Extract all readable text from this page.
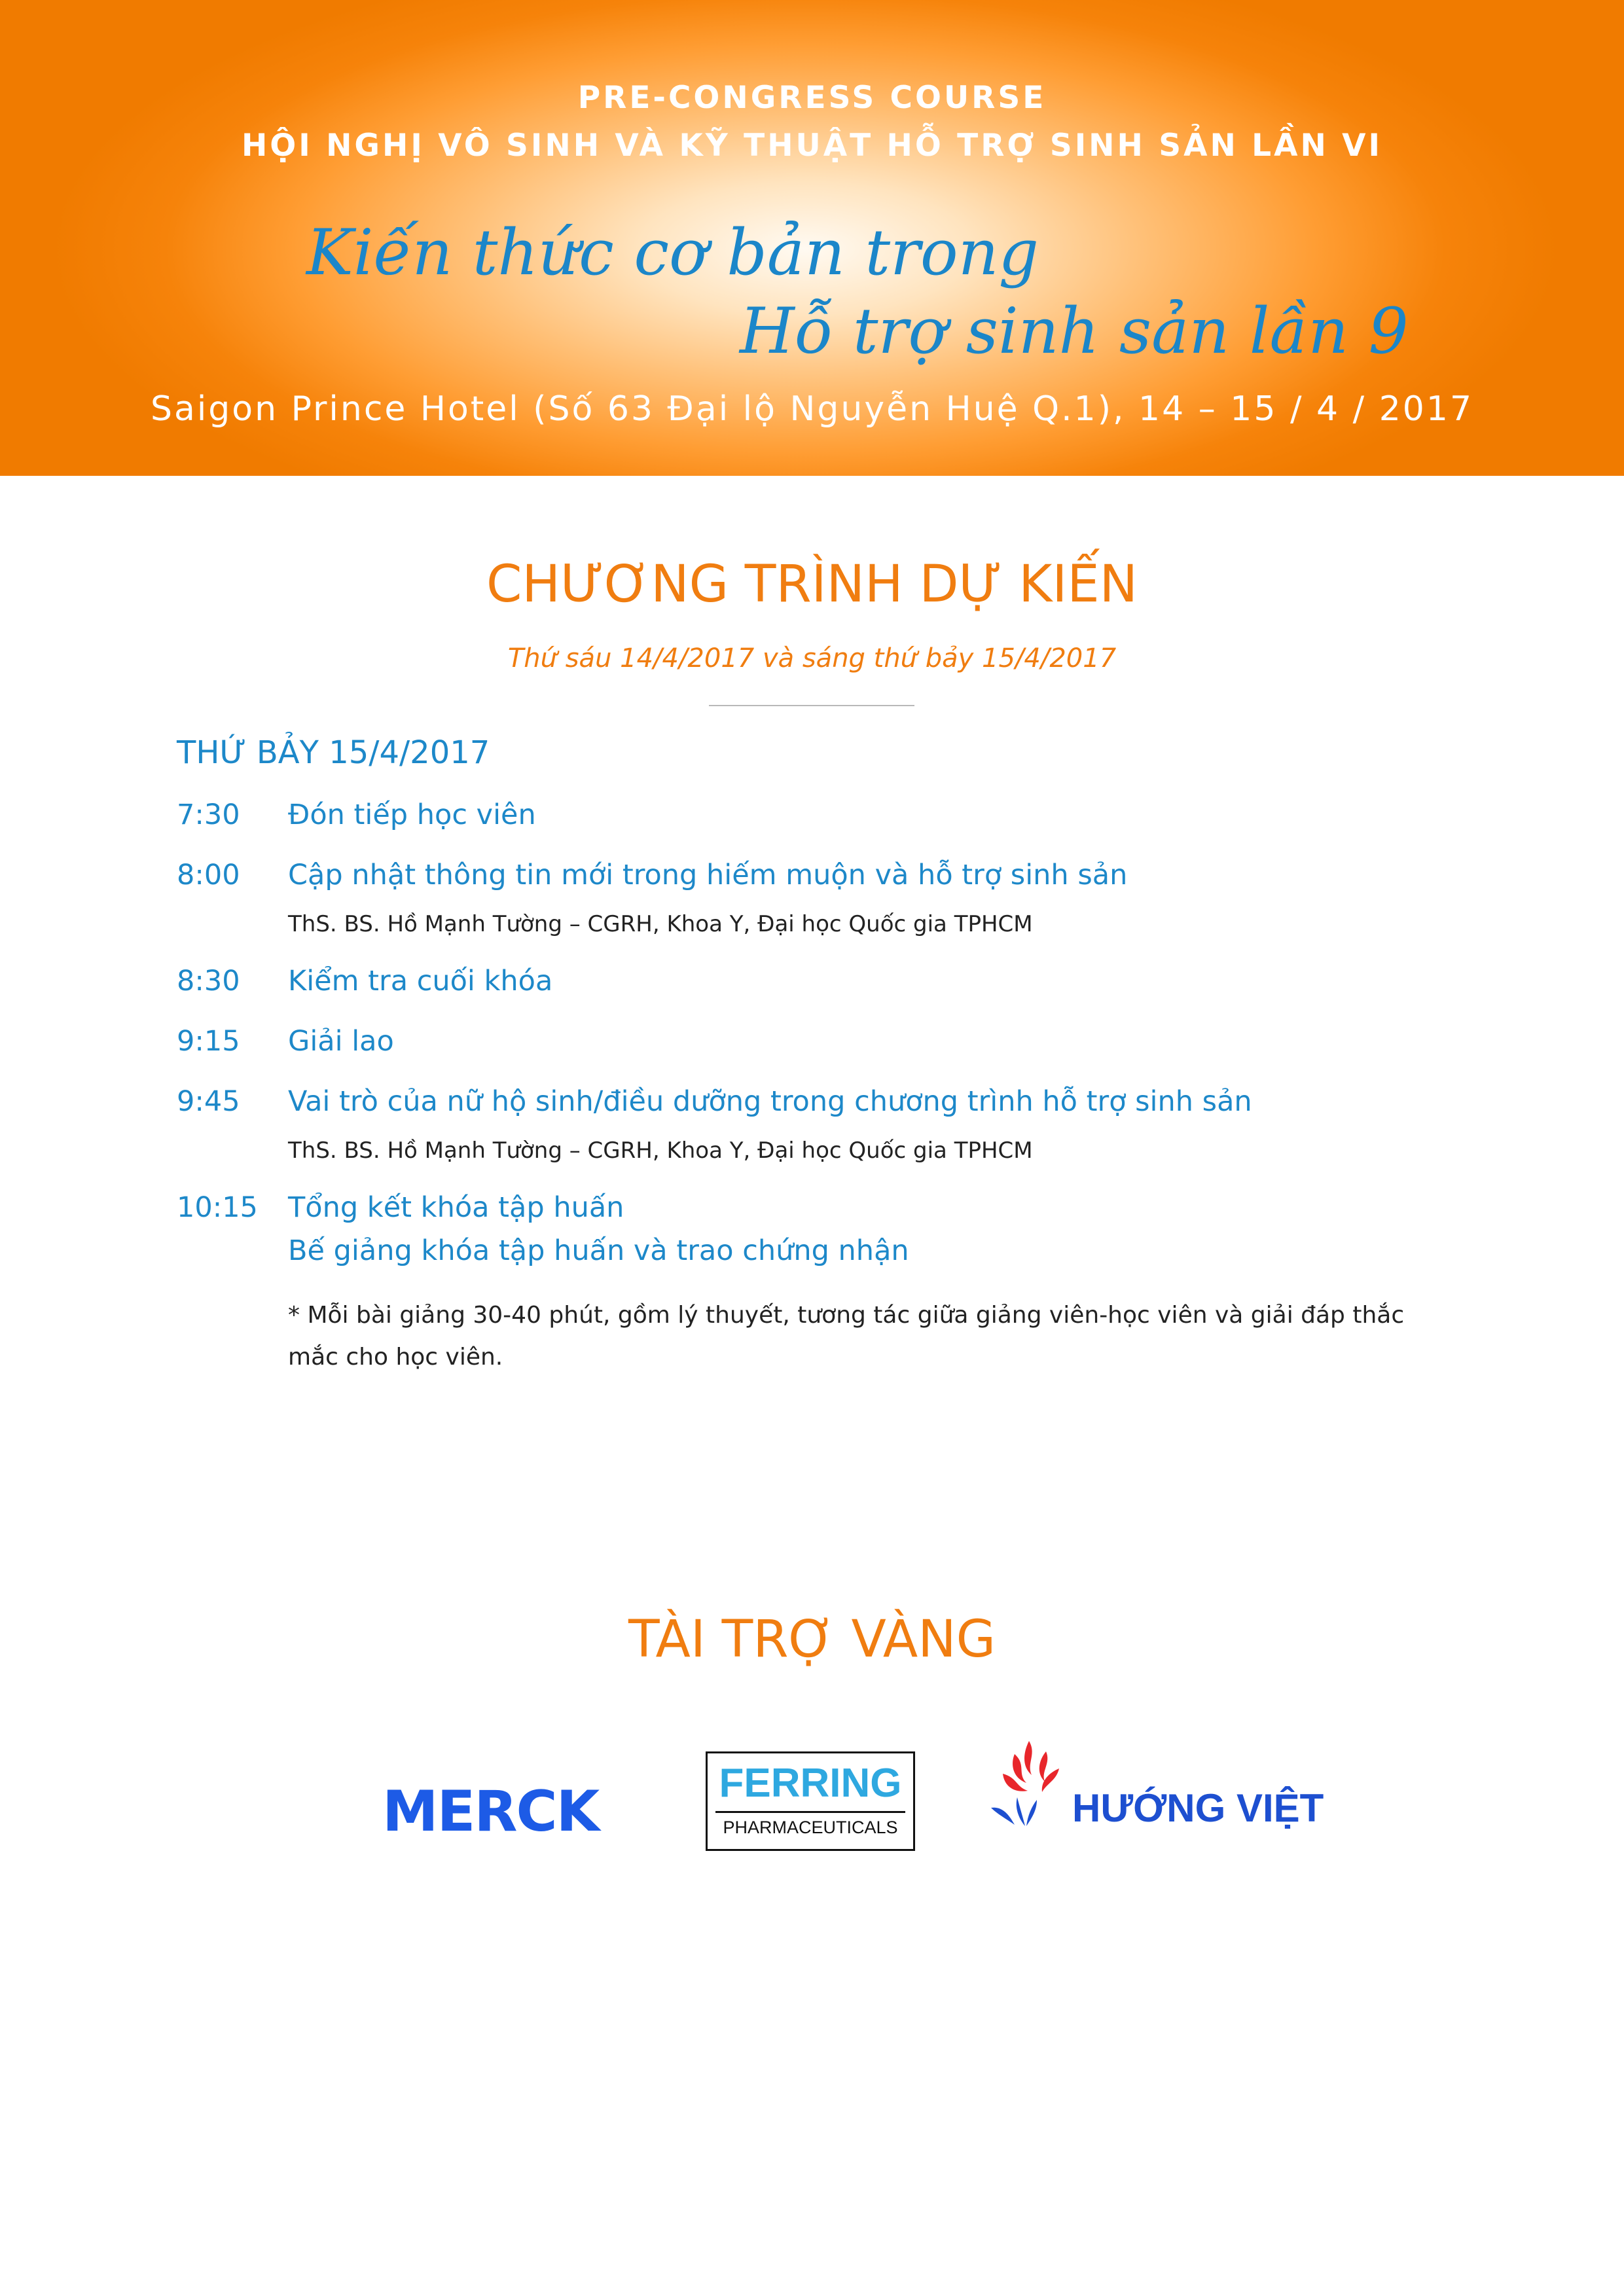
PRE-CONGRESS COURSE
HỘI NGHỊ VÔ SINH VÀ KỸ THUẬT HỖ TRỢ SINH SẢN LẦN VI
Kiến thức cơ bản trong
Hỗ trợ sinh sản lần 9
Saigon Prince Hotel (Số 63 Đại lộ Nguyễn Huệ Q.1), 14 – 15 / 4 / 2017
CHƯƠNG TRÌNH DỰ KIẾN
Thứ sáu 14/4/2017 và sáng thứ bảy 15/4/2017
THỨ BẢY 15/4/2017
7:30	Đón tiếp học viên
8:00	Cập nhật thông tin mới trong hiếm muộn và hỗ trợ sinh sản
ThS. BS. Hồ Mạnh Tường – CGRH, Khoa Y, Đại học Quốc gia TPHCM
8:30	Kiểm tra cuối khóa
9:15	Giải lao
9:45	Vai trò của nữ hộ sinh/điều dưỡng trong chương trình hỗ trợ sinh sản
ThS. BS. Hồ Mạnh Tường – CGRH, Khoa Y, Đại học Quốc gia TPHCM
10:15	Tổng kết khóa tập huấn
Bế giảng khóa tập huấn và trao chứng nhận
* Mỗi bài giảng 30-40 phút, gồm lý thuyết, tương tác giữa giảng viên-học viên và giải đáp thắc mắc cho học viên.
TÀI TRỢ VÀNG
MERCK	FERRING
PHARMACEUTICALS	HƯỚNG VIỆT
